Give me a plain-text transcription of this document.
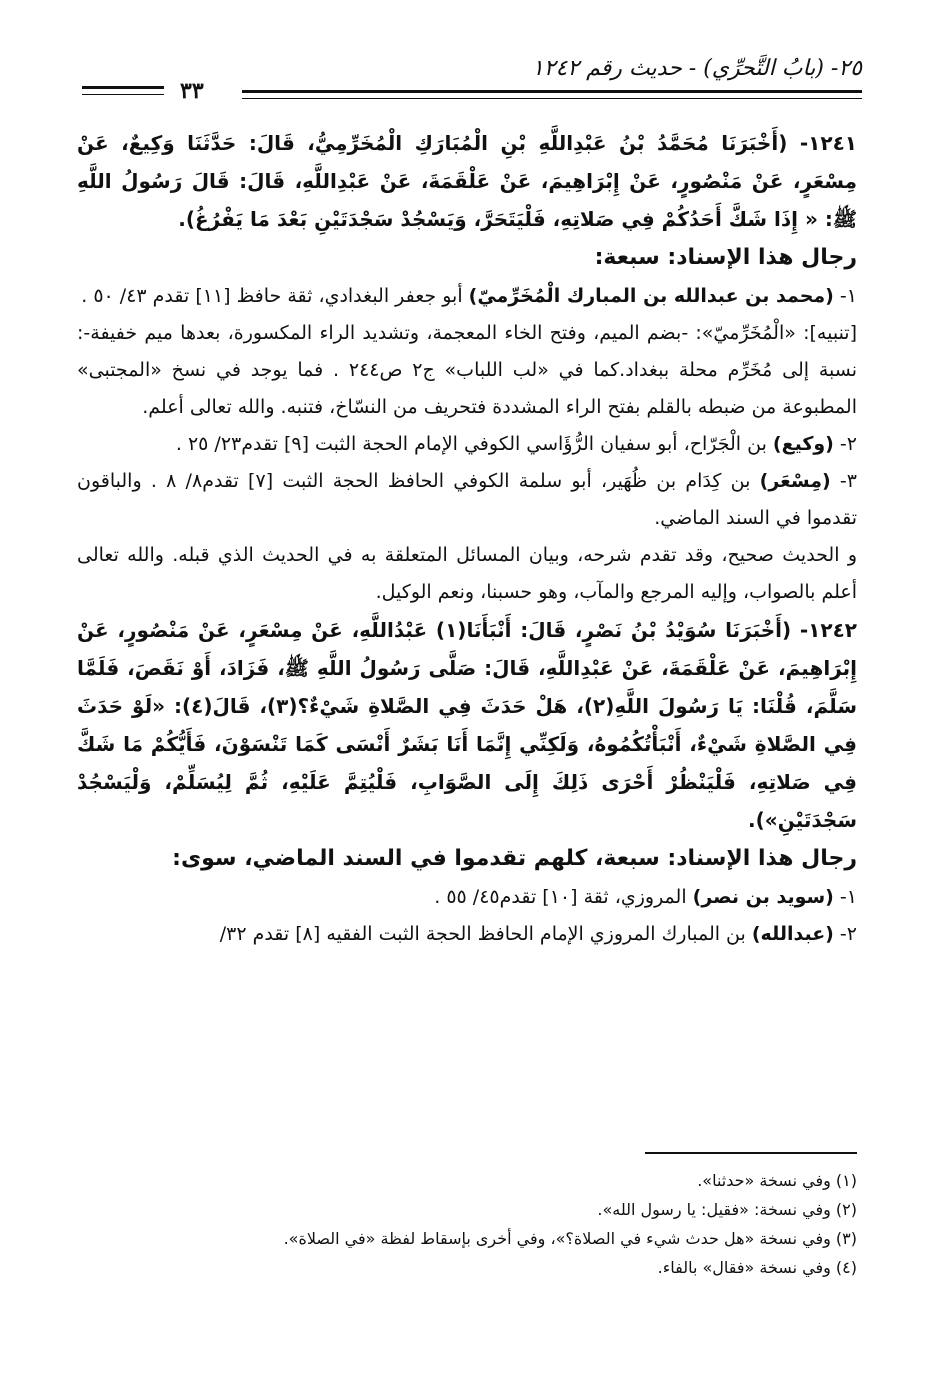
٢٥- (بابُ التَّحرِّي) - حديث رقم ١٢٤٢
٣٣

١٢٤١- (أَخْبَرَنَا مُحَمَّدُ بْنُ عَبْدِاللَّهِ بْنِ الْمُبَارَكِ الْمُخَرِّمِيُّ، قَالَ: حَدَّثَنَا وَكِيعٌ، عَنْ مِسْعَرٍ، عَنْ مَنْصُورٍ، عَنْ إِبْرَاهِيمَ، عَنْ عَلْقَمَةَ، عَنْ عَبْدِاللَّهِ، قَالَ: قَالَ رَسُولُ اللَّهِ ﷺ: « إِذَا شَكَّ أَحَدُكُمْ فِي صَلاتِهِ، فَلْيَتَحَرَّ، وَيَسْجُدْ سَجْدَتَيْنِ بَعْدَ مَا يَفْرُغُ).

رجال هذا الإسناد: سبعة:

١- (محمد بن عبدالله بن المبارك الْمُخَرِّميّ) أبو جعفر البغدادي، ثقة حافظ [١١] تقدم ٤٣/ ٥٠ .

[تنبيه]: «الْمُخَرِّميّ»: -بضم الميم، وفتح الخاء المعجمة، وتشديد الراء المكسورة، بعدها ميم خفيفة-: نسبة إلى مُخَرِّم محلة ببغداد.كما في «لب اللباب» ج٢ ص٢٤٤ . فما يوجد في نسخ «المجتبى» المطبوعة من ضبطه بالقلم بفتح الراء المشددة فتحريف من النسّاخ، فتنبه. والله تعالى أعلم.

٢- (وكيع) بن الْجَرّاح، أبو سفيان الرُّؤَاسي الكوفي الإمام الحجة الثبت [٩] تقدم٢٣/ ٢٥ .

٣- (مِسْعَر) بن كِدَام بن ظُهَير، أبو سلمة الكوفي الحافظ الحجة الثبت [٧] تقدم٨/ ٨ . والباقون تقدموا في السند الماضي.

و الحديث صحيح، وقد تقدم شرحه، وبيان المسائل المتعلقة به في الحديث الذي قبله. والله تعالى أعلم بالصواب، وإليه المرجع والمآب، وهو حسبنا، ونعم الوكيل.

١٢٤٢- (أَخْبَرَنَا سُوَيْدُ بْنُ نَصْرٍ، قَالَ: أَنْبَأَنَا(١) عَبْدُاللَّهِ، عَنْ مِسْعَرٍ، عَنْ مَنْصُورٍ، عَنْ إِبْرَاهِيمَ، عَنْ عَلْقَمَةَ، عَنْ عَبْدِاللَّهِ، قَالَ: صَلَّى رَسُولُ اللَّهِ ﷺ، فَزَادَ، أَوْ نَقَصَ، فَلَمَّا سَلَّمَ، قُلْنَا: يَا رَسُولَ اللَّهِ(٢)، هَلْ حَدَثَ فِي الصَّلاةِ شَيْءٌ؟(٣)، قَالَ(٤): «لَوْ حَدَثَ فِي الصَّلاةِ شَيْءٌ، أَنْبَأْتُكُمُوهُ، وَلَكِنِّي إِنَّمَا أَنَا بَشَرٌ أَنْسَى كَمَا تَنْسَوْنَ، فَأَيُّكُمْ مَا شَكَّ فِي صَلاتِهِ، فَلْيَنْظُرْ أَحْرَى ذَلِكَ إِلَى الصَّوَابِ، فَلْيُتِمَّ عَلَيْهِ، ثُمَّ لِيُسَلِّمْ، وَلْيَسْجُدْ سَجْدَتَيْنِ»).

رجال هذا الإسناد: سبعة، كلهم تقدموا في السند الماضي، سوى:

١- (سويد بن نصر) المروزي، ثقة [١٠] تقدم٤٥/ ٥٥ .

٢- (عبدالله) بن المبارك المروزي الإمام الحافظ الحجة الثبت الفقيه [٨] تقدم ٣٢/

(١) وفي نسخة «حدثنا».

(٢) وفي نسخة: «فقيل: يا رسول الله».

(٣) وفي نسخة «هل حدث شيء في الصلاة؟»، وفي أخرى بإسقاط لفظة «في الصلاة».

(٤) وفي نسخة «فقال» بالفاء.
